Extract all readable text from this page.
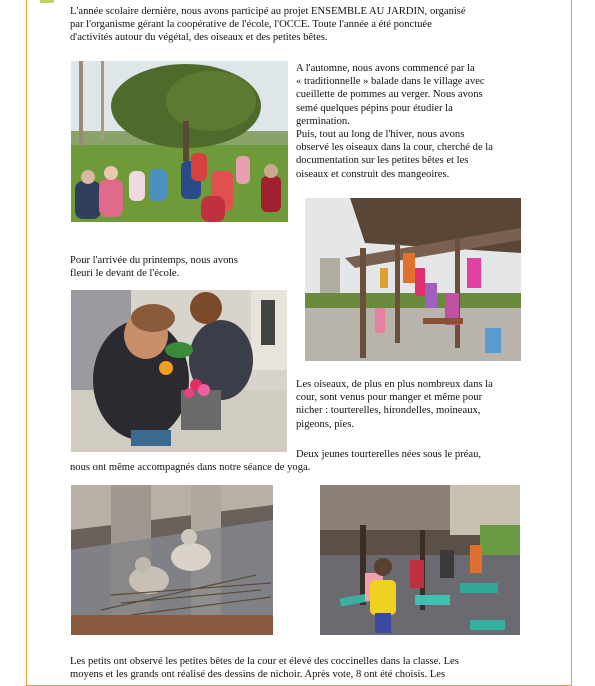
L'année scolaire dernière, nous avons participé au projet ENSEMBLE AU JARDIN, organisé
par l'organisme gérant la coopérative de l'école, l'OCCE. Toute l'année a été ponctuée
d'activités autour du végétal, des oiseaux et des petites bêtes.

A l'automne, nous avons commencé par la
« traditionnelle » balade dans le village avec
cueillette de pommes au verger. Nous avons
semé quelques pépins pour étudier la
germination.
Puis, tout au long de l'hiver, nous avons
observé les oiseaux dans la cour, cherché de la
documentation sur les petites bêtes et les
oiseaux et construit des mangeoires.

Pour l'arrivée du printemps, nous avons
fleuri le devant de l'école.

Les oiseaux, de plus en plus nombreux dans la
cour, sont venus pour manger et même pour
nicher : tourterelles, hirondelles, moineaux,
pigeons, pies.

Deux jeunes tourterelles nées sous le préau,
nous ont même accompagnés dans notre séance de yoga.

Les petits ont observé les petites bêtes de la cour et élevé des coccinelles dans la classe. Les
moyens et les grands ont réalisé des dessins de nichoir. Après vote, 8 ont été choisis. Les
